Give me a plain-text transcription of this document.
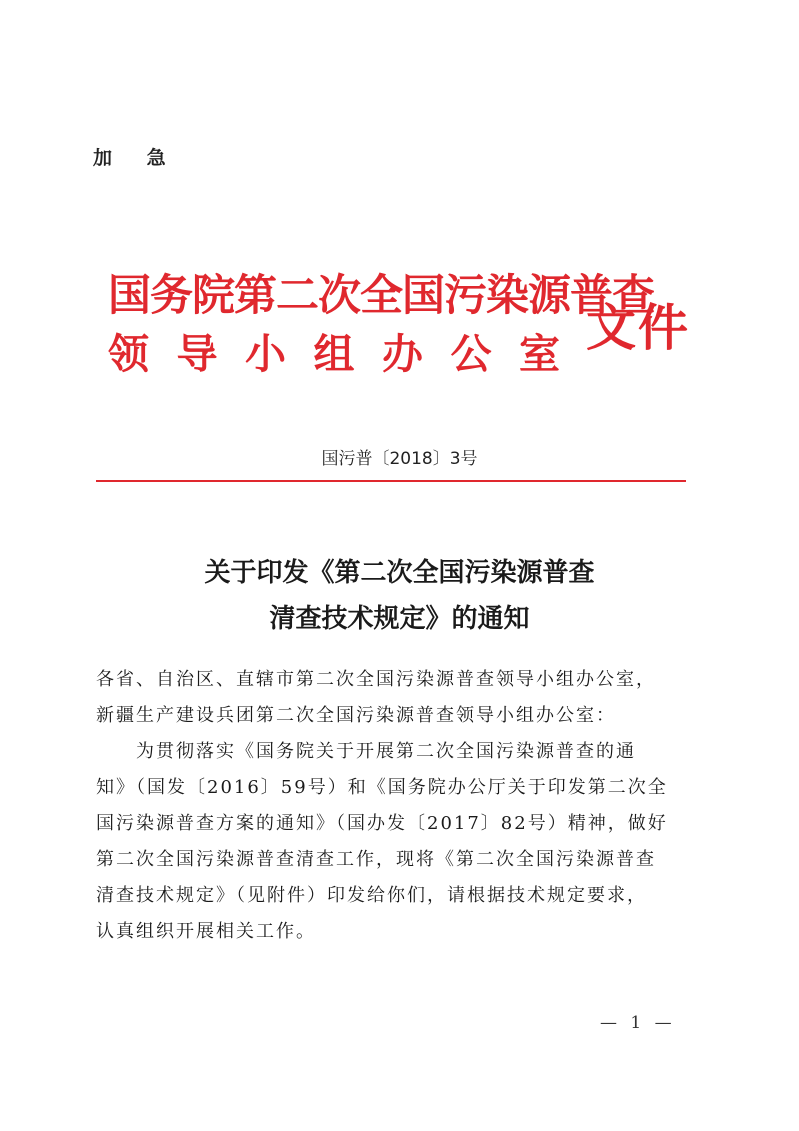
加 急
国务院第二次全国污染源普查
领 导 小 组 办 公 室 文件
国污普〔2018〕3号
关于印发《第二次全国污染源普查
清查技术规定》的通知
各省、自治区、直辖市第二次全国污染源普查领导小组办公室，
新疆生产建设兵团第二次全国污染源普查领导小组办公室：
为贯彻落实《国务院关于开展第二次全国污染源普查的通
知》（国发〔2016〕59号）和《国务院办公厅关于印发第二次全
国污染源普查方案的通知》（国办发〔2017〕82号）精神，做好
第二次全国污染源普查清查工作，现将《第二次全国污染源普查
清查技术规定》（见附件）印发给你们，请根据技术规定要求，
认真组织开展相关工作。
— 1 —
